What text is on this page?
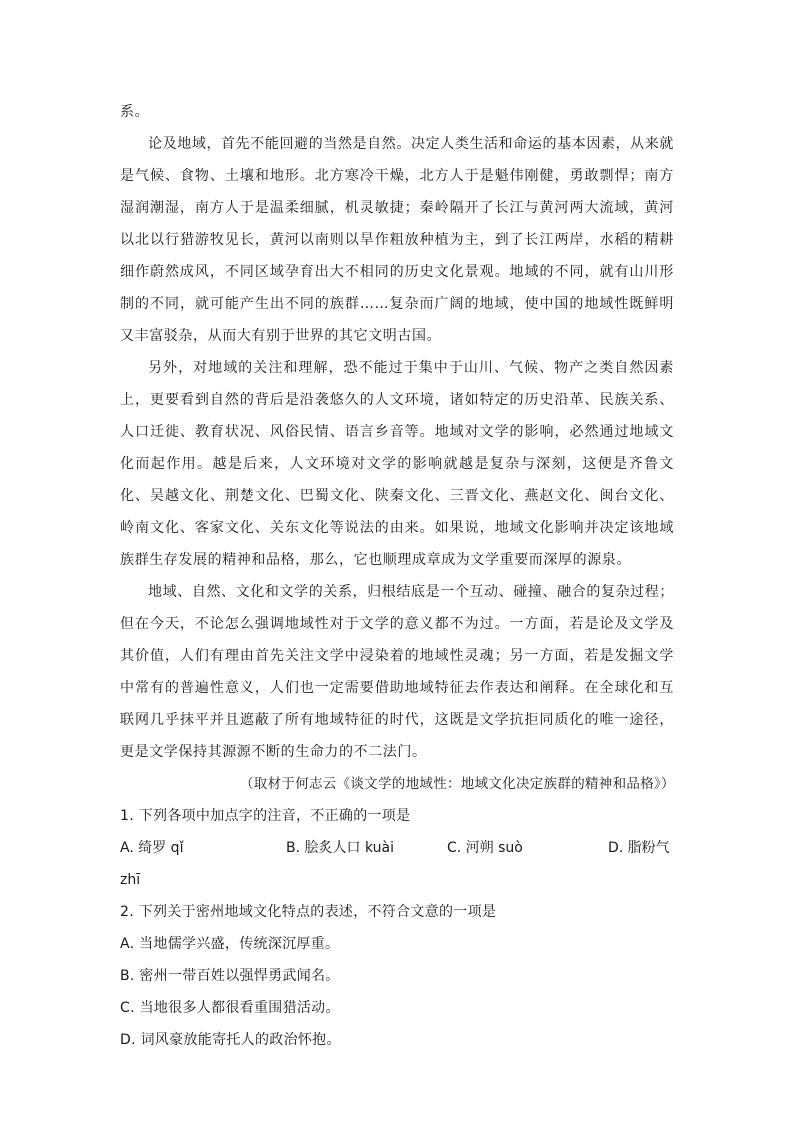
系。

论及地域，首先不能回避的当然是自然。决定人类生活和命运的基本因素，从来就是气候、食物、土壤和地形。北方寒冷干燥，北方人于是魁伟刚健，勇敢剽悍；南方湿润潮湿，南方人于是温柔细腻，机灵敏捷；秦岭隔开了长江与黄河两大流域，黄河以北以行猎游牧见长，黄河以南则以旱作粗放种植为主，到了长江两岸，水稻的精耕细作蔚然成风，不同区域孕育出大不相同的历史文化景观。地域的不同，就有山川形制的不同，就可能产生出不同的族群……复杂而广阔的地域，使中国的地域性既鲜明又丰富驳杂，从而大有别于世界的其它文明古国。

另外，对地域的关注和理解，恐不能过于集中于山川、气候、物产之类自然因素上，更要看到自然的背后是沿袭悠久的人文环境，诸如特定的历史沿革、民族关系、人口迁徙、教育状况、风俗民情、语言乡音等。地域对文学的影响，必然通过地域文化而起作用。越是后来，人文环境对文学的影响就越是复杂与深刻，这便是齐鲁文化、吴越文化、荆楚文化、巴蜀文化、陕秦文化、三晋文化、燕赵文化、闽台文化、岭南文化、客家文化、关东文化等说法的由来。如果说，地域文化影响并决定该地域族群生存发展的精神和品格，那么，它也顺理成章成为文学重要而深厚的源泉。

地域、自然、文化和文学的关系，归根结底是一个互动、碰撞、融合的复杂过程；但在今天，不论怎么强调地域性对于文学的意义都不为过。一方面，若是论及文学及其价值，人们有理由首先关注文学中浸染着的地域性灵魂；另一方面，若是发掘文学中常有的普遍性意义，人们也一定需要借助地域特征去作表达和阐释。在全球化和互联网几乎抹平并且遮蔽了所有地域特征的时代，这既是文学抗拒同质化的唯一途径，更是文学保持其源源不断的生命力的不二法门。

（取材于何志云《谈文学的地域性：地域文化决定族群的精神和品格》）

1. 下列各项中加点字的注音，不正确的一项是

A. 绮罗 qǐ	B. 脍炙人口 kuài	C. 河朔 suò	D. 脂粉气

zhī

2. 下列关于密州地域文化特点的表述，不符合文意的一项是

A. 当地儒学兴盛，传统深沉厚重。

B. 密州一带百姓以强悍勇武闻名。

C. 当地很多人都很看重围猎活动。

D. 词风豪放能寄托人的政治怀抱。
